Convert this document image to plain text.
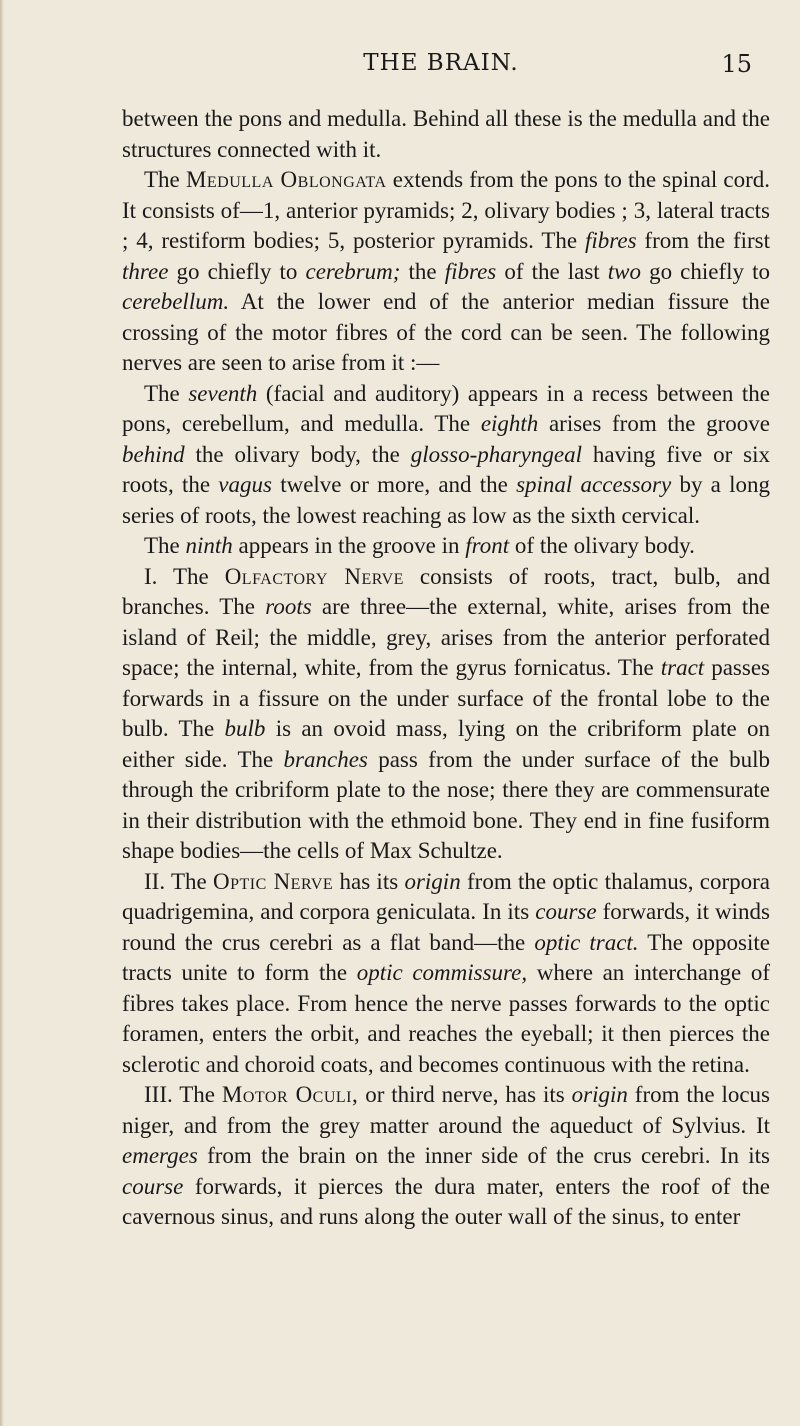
THE BRAIN.	15

between the pons and medulla. Behind all these is the medulla and the structures connected with it.

The Medulla Oblongata extends from the pons to the spinal cord. It consists of—1, anterior pyramids; 2, olivary bodies ; 3, lateral tracts ; 4, restiform bodies; 5, posterior pyramids. The fibres from the first three go chiefly to cerebrum; the fibres of the last two go chiefly to cerebellum. At the lower end of the anterior median fissure the crossing of the motor fibres of the cord can be seen. The following nerves are seen to arise from it :—

The seventh (facial and auditory) appears in a recess between the pons, cerebellum, and medulla. The eighth arises from the groove behind the olivary body, the glosso-pharyngeal having five or six roots, the vagus twelve or more, and the spinal accessory by a long series of roots, the lowest reaching as low as the sixth cervical.

The ninth appears in the groove in front of the olivary body.

I. The Olfactory Nerve consists of roots, tract, bulb, and branches. The roots are three—the external, white, arises from the island of Reil; the middle, grey, arises from the anterior perforated space; the internal, white, from the gyrus fornicatus. The tract passes forwards in a fissure on the under surface of the frontal lobe to the bulb. The bulb is an ovoid mass, lying on the cribriform plate on either side. The branches pass from the under surface of the bulb through the cribriform plate to the nose; there they are commensurate in their distribution with the ethmoid bone. They end in fine fusiform shape bodies—the cells of Max Schultze.

II. The Optic Nerve has its origin from the optic thalamus, corpora quadrigemina, and corpora geniculata. In its course forwards, it winds round the crus cerebri as a flat band—the optic tract. The opposite tracts unite to form the optic commissure, where an interchange of fibres takes place. From hence the nerve passes forwards to the optic foramen, enters the orbit, and reaches the eyeball; it then pierces the sclerotic and choroid coats, and becomes continuous with the retina.

III. The Motor Oculi, or third nerve, has its origin from the locus niger, and from the grey matter around the aqueduct of Sylvius. It emerges from the brain on the inner side of the crus cerebri. In its course forwards, it pierces the dura mater, enters the roof of the cavernous sinus, and runs along the outer wall of the sinus, to enter
